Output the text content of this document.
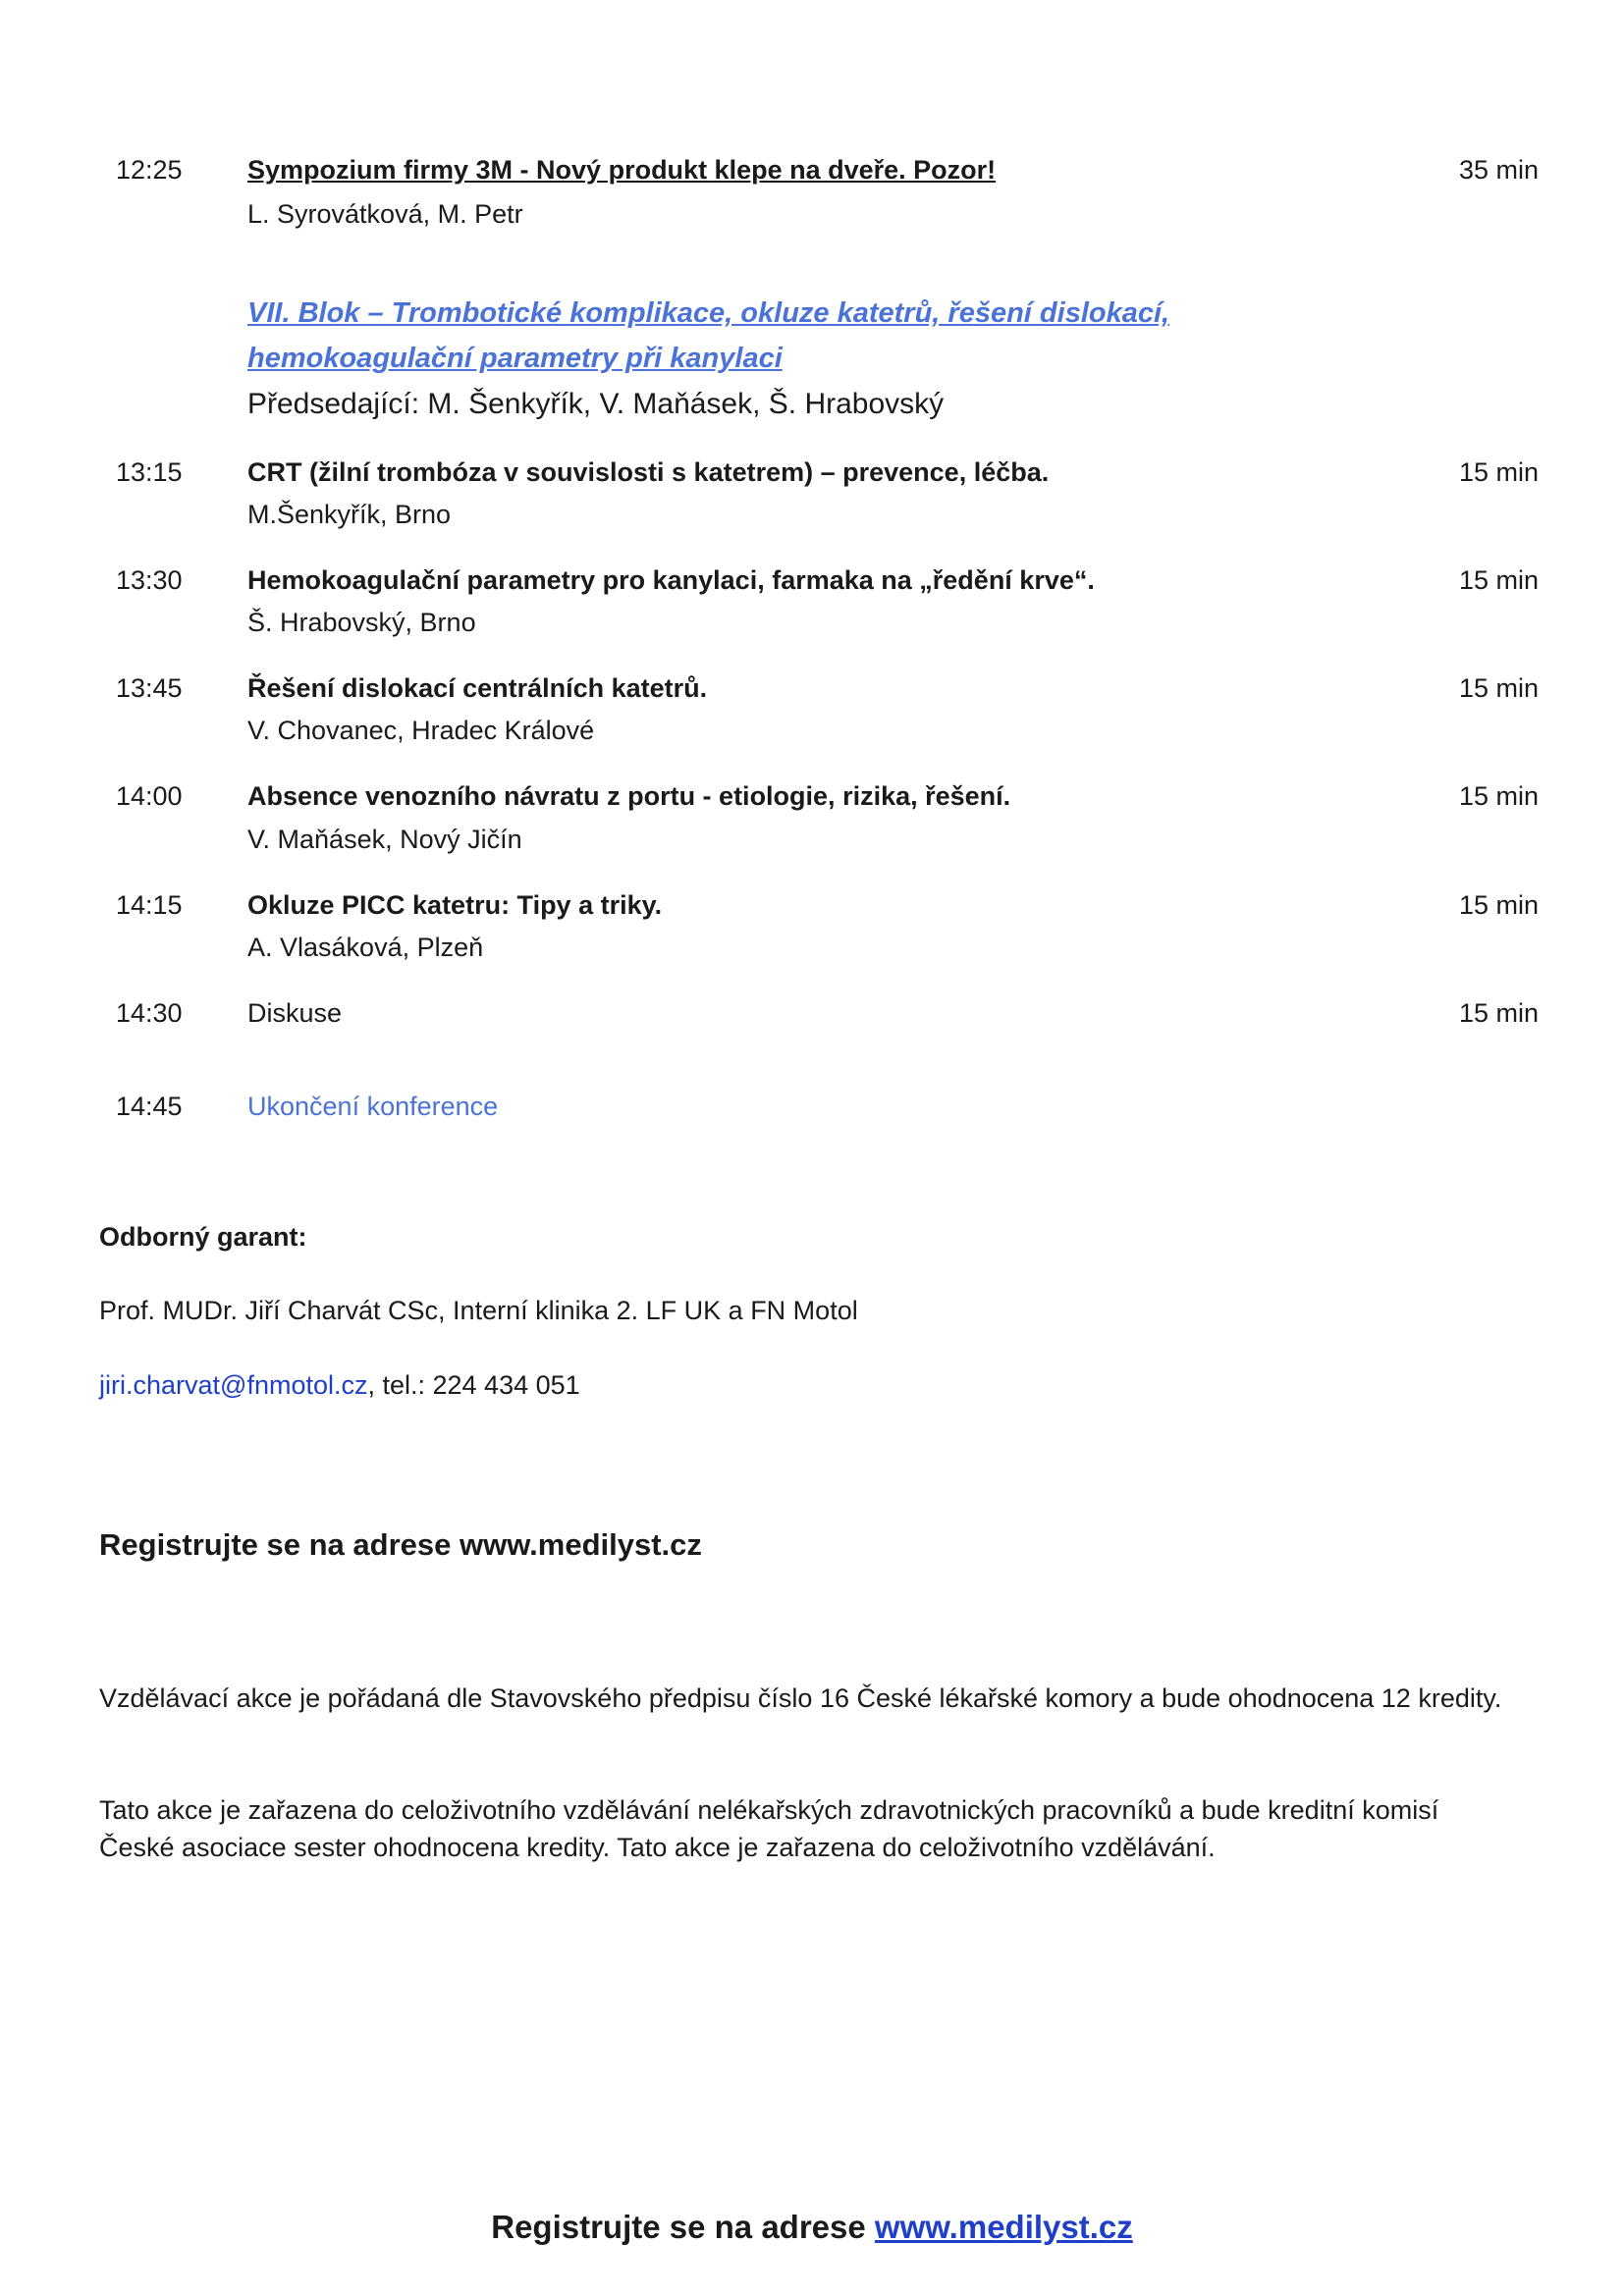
12:25 Sympozium firmy 3M - Nový produkt klepe na dveře. Pozor!
L. Syrovátková, M. Petr
35 min
VII. Blok – Trombotické komplikace, okluze katetrů, řešení dislokací,
hemokoagulační parametry při kanylaci
Předsedající: M. Šenkyřík, V. Maňásek, Š. Hrabovský
13:15 CRT (žilní trombóza v souvislosti s katetrem) – prevence, léčba.
M.Šenkyřík, Brno
15 min
13:30 Hemokoagulační parametry pro kanylaci, farmaka na „ředění krve“.
Š. Hrabovský, Brno
15 min
13:45 Řešení dislokací centrálních katetrů.
V. Chovanec, Hradec Králové
15 min
14:00 Absence venozního návratu z portu - etiologie, rizika, řešení.
V. Maňásek, Nový Jičín
15 min
14:15 Okluze PICC katetru: Tipy a triky.
A. Vlasáková, Plzeň
15 min
14:30 Diskuse	15 min
14:45 Ukončení konference
Odborný garant:
Prof. MUDr. Jiří Charvát CSc, Interní klinika 2. LF UK a FN Motol
jiri.charvat@fnmotol.cz, tel.: 224 434 051
Registrujte se na adrese www.medilyst.cz
Vzdělávací akce je pořádaná dle Stavovského předpisu číslo 16 České lékařské komory a bude ohodnocena 12 kredity.
Tato akce je zařazena do celoživotního vzdělávání nelékařských zdravotnických pracovníků a bude kreditní komisí České asociace sester ohodnocena kredity. Tato akce je zařazena do celoživotního vzdělávání.
Registrujte se na adrese www.medilyst.cz
